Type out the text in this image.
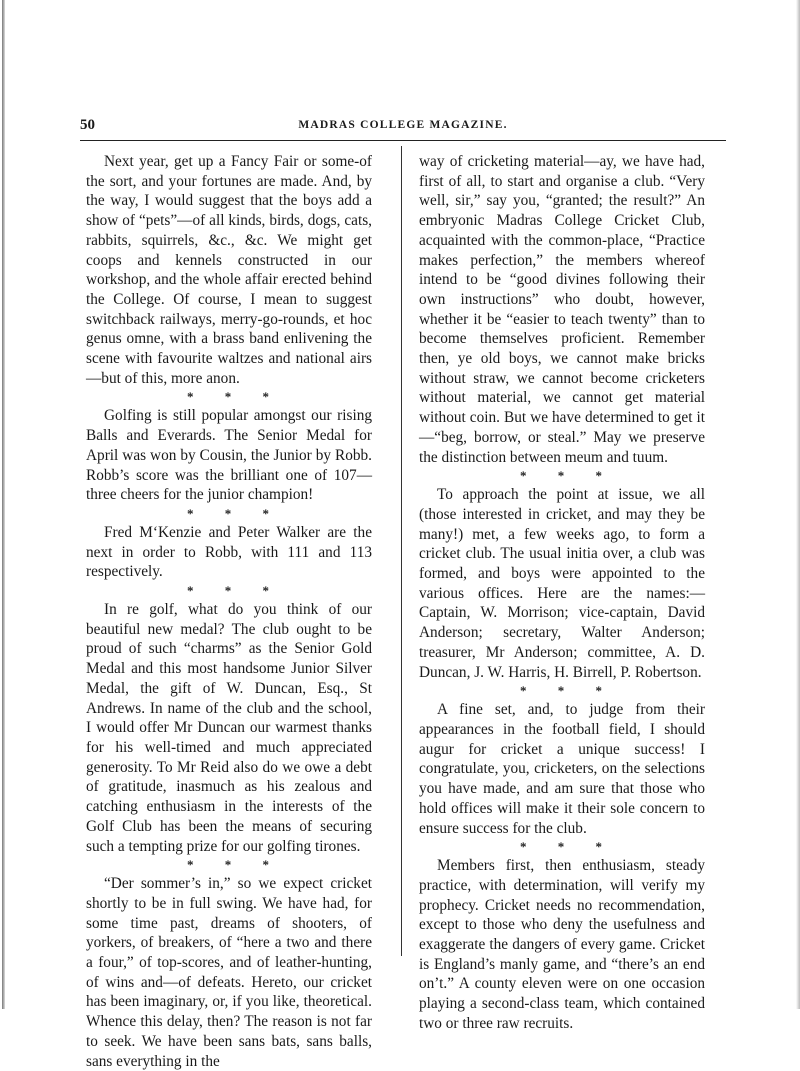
50	MADRAS COLLEGE MAGAZINE.

Next year, get up a Fancy Fair or some-of the sort, and your fortunes are made. And, by the way, I would suggest that the boys add a show of “pets”—of all kinds, birds, dogs, cats, rabbits, squirrels, &c., &c. We might get coops and kennels constructed in our workshop, and the whole affair erected behind the College. Of course, I mean to suggest switchback railways, merry-go-rounds, et hoc genus omne, with a brass band enlivening the scene with favourite waltzes and national airs—but of this, more anon.

* * *

Golfing is still popular amongst our rising Balls and Everards. The Senior Medal for April was won by Cousin, the Junior by Robb. Robb’s score was the brilliant one of 107—three cheers for the junior champion!

* * *

Fred M‘Kenzie and Peter Walker are the next in order to Robb, with 111 and 113 respectively.

* * *

In re golf, what do you think of our beautiful new medal? The club ought to be proud of such “charms” as the Senior Gold Medal and this most handsome Junior Silver Medal, the gift of W. Duncan, Esq., St Andrews. In name of the club and the school, I would offer Mr Duncan our warmest thanks for his well-timed and much appreciated generosity. To Mr Reid also do we owe a debt of gratitude, inasmuch as his zealous and catching enthusiasm in the interests of the Golf Club has been the means of securing such a tempting prize for our golfing tirones.

* * *

“Der sommer’s in,” so we expect cricket shortly to be in full swing. We have had, for some time past, dreams of shooters, of yorkers, of breakers, of “here a two and there a four,” of top-scores, and of leather-hunting, of wins and—of defeats. Hereto, our cricket has been imaginary, or, if you like, theoretical. Whence this delay, then? The reason is not far to seek. We have been sans bats, sans balls, sans everything in the

way of cricketing material—ay, we have had, first of all, to start and organise a club. “Very well, sir,” say you, “granted; the result?” An embryonic Madras College Cricket Club, acquainted with the common-place, “Practice makes perfection,” the members whereof intend to be “good divines following their own instructions” who doubt, however, whether it be “easier to teach twenty” than to become themselves proficient. Remember then, ye old boys, we cannot make bricks without straw, we cannot become cricketers without material, we cannot get material without coin. But we have determined to get it—“beg, borrow, or steal.” May we preserve the distinction between meum and tuum.

* * *

To approach the point at issue, we all (those interested in cricket, and may they be many!) met, a few weeks ago, to form a cricket club. The usual initia over, a club was formed, and boys were appointed to the various offices. Here are the names:—Captain, W. Morrison; vice-captain, David Anderson; secretary, Walter Anderson; treasurer, Mr Anderson; committee, A. D. Duncan, J. W. Harris, H. Birrell, P. Robertson.

* * *

A fine set, and, to judge from their appearances in the football field, I should augur for cricket a unique success! I congratulate, you, cricketers, on the selections you have made, and am sure that those who hold offices will make it their sole concern to ensure success for the club.

* * *

Members first, then enthusiasm, steady practice, with determination, will verify my prophecy. Cricket needs no recommendation, except to those who deny the usefulness and exaggerate the dangers of every game. Cricket is England’s manly game, and “there’s an end on’t.” A county eleven were on one occasion playing a second-class team, which contained two or three raw recruits.
